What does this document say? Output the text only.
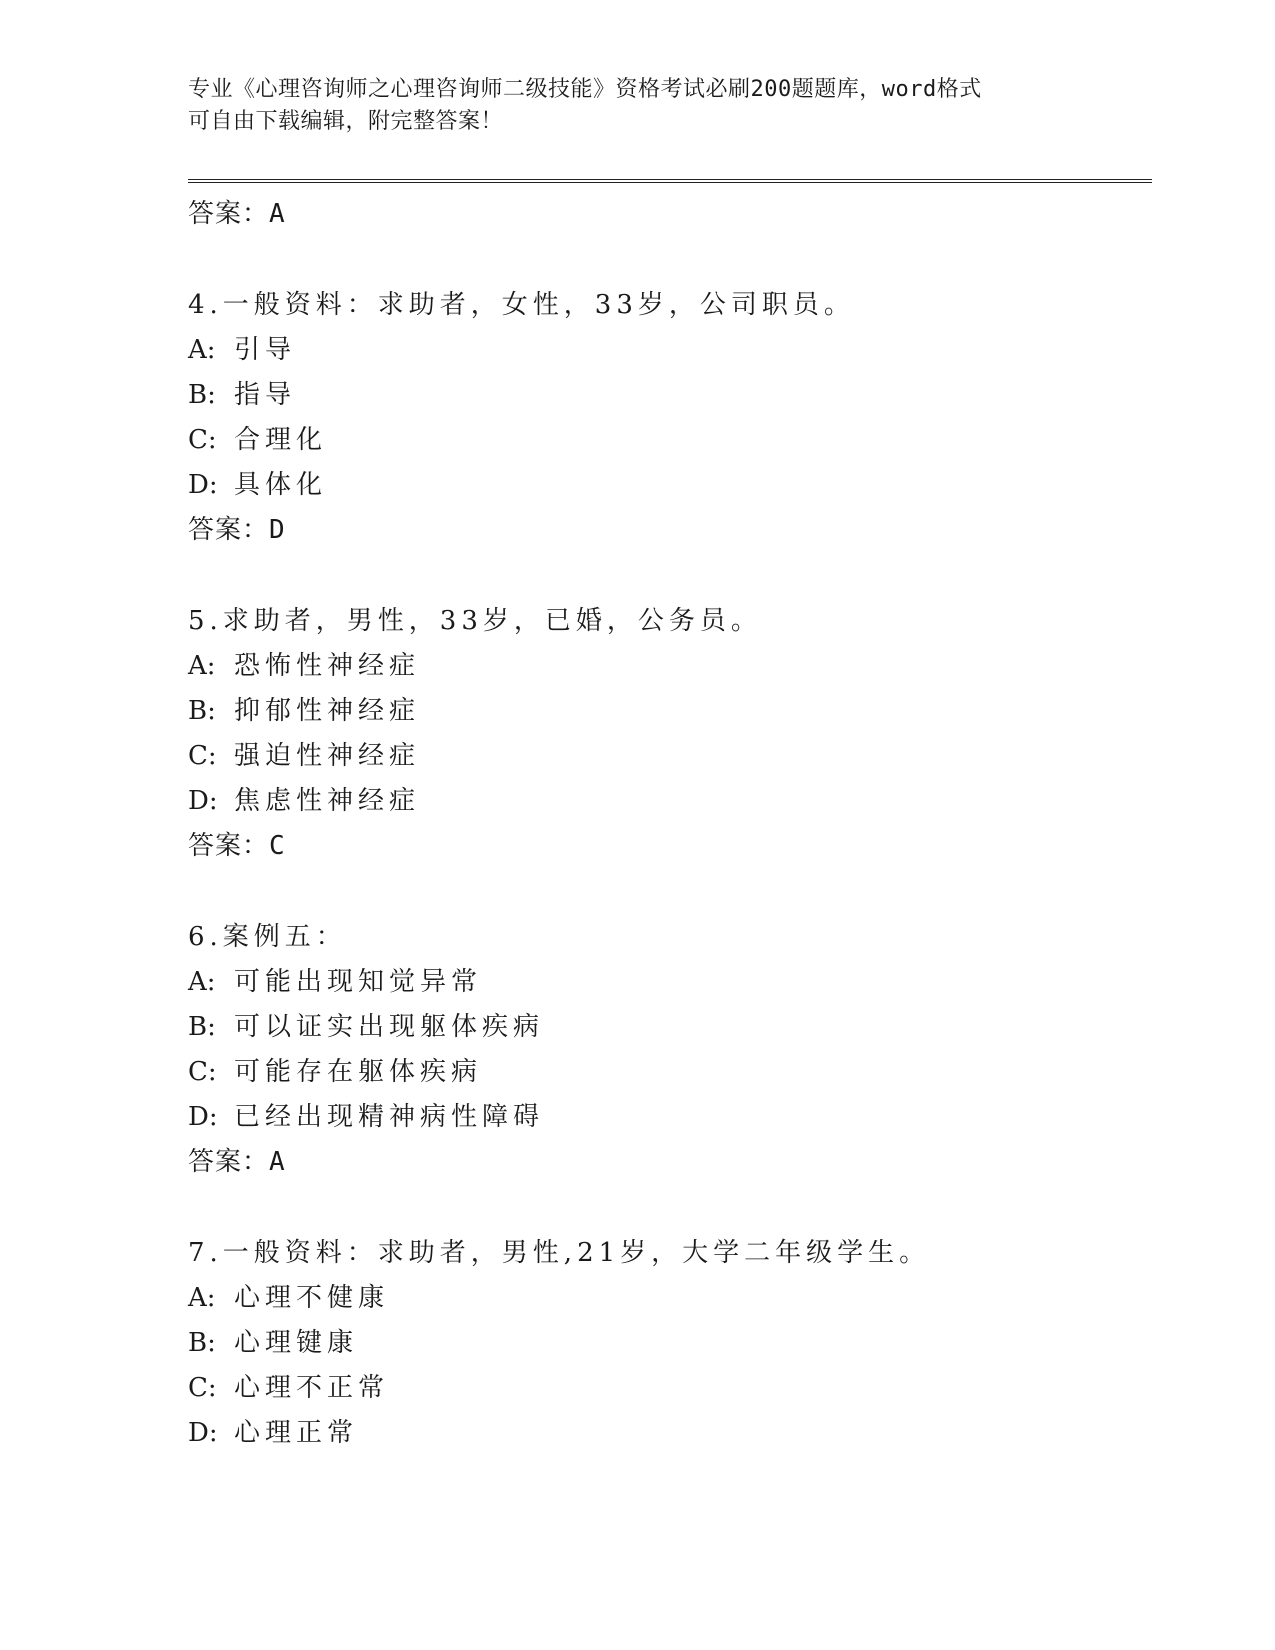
专业《心理咨询师之心理咨询师二级技能》资格考试必刷200题题库，word格式
可自由下载编辑，附完整答案！
答案：A
4.一般资料：求助者，女性，33岁，公司职员。
A: 引导
B: 指导
C: 合理化
D: 具体化
答案：D
5.求助者，男性，33岁，已婚，公务员。
A: 恐怖性神经症
B: 抑郁性神经症
C: 强迫性神经症
D: 焦虑性神经症
答案：C
6.案例五：
A: 可能出现知觉异常
B: 可以证实出现躯体疾病
C: 可能存在躯体疾病
D: 已经出现精神病性障碍
答案：A
7.一般资料：求助者，男性,21岁，大学二年级学生。
A: 心理不健康
B: 心理键康
C: 心理不正常
D: 心理正常
